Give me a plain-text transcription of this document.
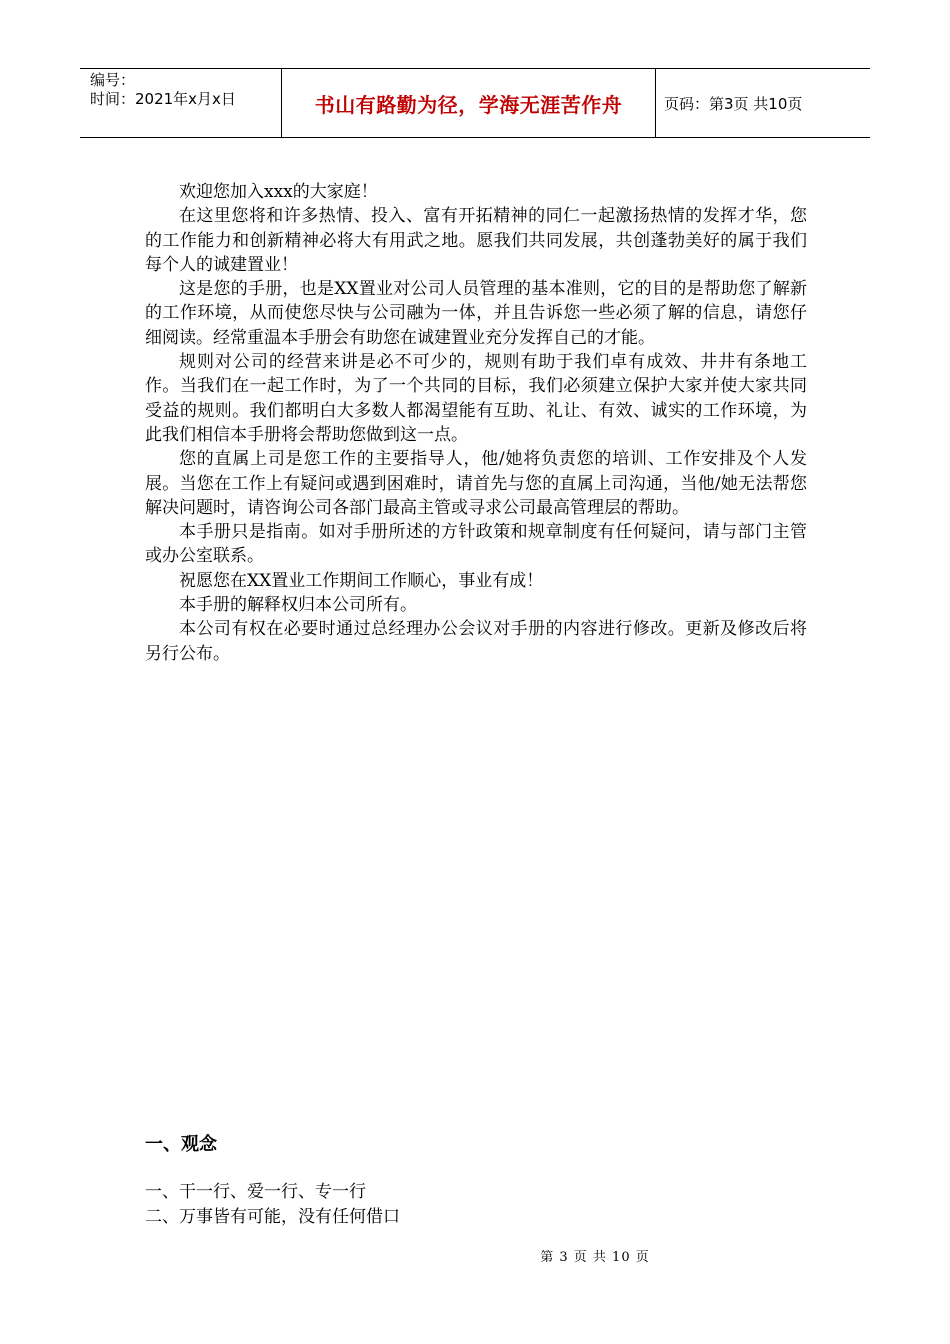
编号：
时间：2021年x月x日	书山有路勤为径，学海无涯苦作舟	页码：第3页 共10页

欢迎您加入xxx的大家庭！

在这里您将和许多热情、投入、富有开拓精神的同仁一起激扬热情的发挥才华，您的工作能力和创新精神必将大有用武之地。愿我们共同发展，共创蓬勃美好的属于我们每个人的诚建置业！

这是您的手册，也是XX置业对公司人员管理的基本准则，它的目的是帮助您了解新的工作环境，从而使您尽快与公司融为一体，并且告诉您一些必须了解的信息，请您仔细阅读。经常重温本手册会有助您在诚建置业充分发挥自己的才能。

规则对公司的经营来讲是必不可少的，规则有助于我们卓有成效、井井有条地工作。当我们在一起工作时，为了一个共同的目标，我们必须建立保护大家并使大家共同受益的规则。我们都明白大多数人都渴望能有互助、礼让、有效、诚实的工作环境，为此我们相信本手册将会帮助您做到这一点。

您的直属上司是您工作的主要指导人，他/她将负责您的培训、工作安排及个人发展。当您在工作上有疑问或遇到困难时，请首先与您的直属上司沟通，当他/她无法帮您解决问题时，请咨询公司各部门最高主管或寻求公司最高管理层的帮助。

本手册只是指南。如对手册所述的方针政策和规章制度有任何疑问，请与部门主管或办公室联系。

祝愿您在XX置业工作期间工作顺心，事业有成！

本手册的解释权归本公司所有。

本公司有权在必要时通过总经理办公会议对手册的内容进行修改。更新及修改后将另行公布。

一、观念
一、干一行、爱一行、专一行
二、万事皆有可能，没有任何借口
第 3 页 共 10 页
